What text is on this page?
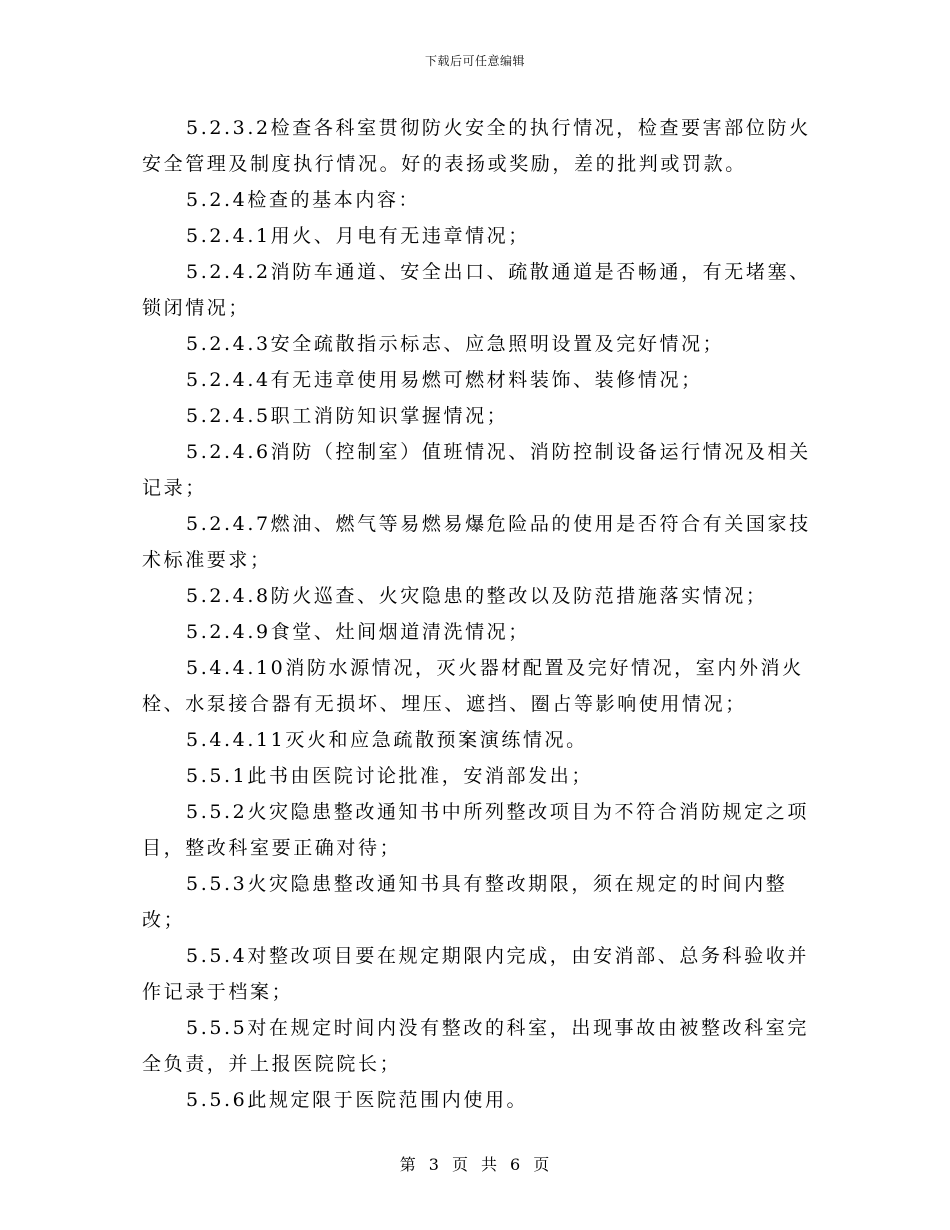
下载后可任意编辑

5.2.3.2检查各科室贯彻防火安全的执行情况，检查要害部位防火安全管理及制度执行情况。好的表扬或奖励，差的批判或罚款。

5.2.4检查的基本内容：

5.2.4.1用火、月电有无违章情况；

5.2.4.2消防车通道、安全出口、疏散通道是否畅通，有无堵塞、锁闭情况；

5.2.4.3安全疏散指示标志、应急照明设置及完好情况；

5.2.4.4有无违章使用易燃可燃材料装饰、装修情况；

5.2.4.5职工消防知识掌握情况；

5.2.4.6消防（控制室）值班情况、消防控制设备运行情况及相关记录；

5.2.4.7燃油、燃气等易燃易爆危险品的使用是否符合有关国家技术标准要求；

5.2.4.8防火巡查、火灾隐患的整改以及防范措施落实情况；

5.2.4.9食堂、灶间烟道清洗情况；

5.4.4.10消防水源情况，灭火器材配置及完好情况，室内外消火栓、水泵接合器有无损坏、埋压、遮挡、圈占等影响使用情况；

5.4.4.11灭火和应急疏散预案演练情况。

5.5.1此书由医院讨论批准，安消部发出；

5.5.2火灾隐患整改通知书中所列整改项目为不符合消防规定之项目，整改科室要正确对待；

5.5.3火灾隐患整改通知书具有整改期限，须在规定的时间内整改；

5.5.4对整改项目要在规定期限内完成，由安消部、总务科验收并作记录于档案；

5.5.5对在规定时间内没有整改的科室，出现事故由被整改科室完全负责，并上报医院院长；

5.5.6此规定限于医院范围内使用。

第 3 页 共 6 页
